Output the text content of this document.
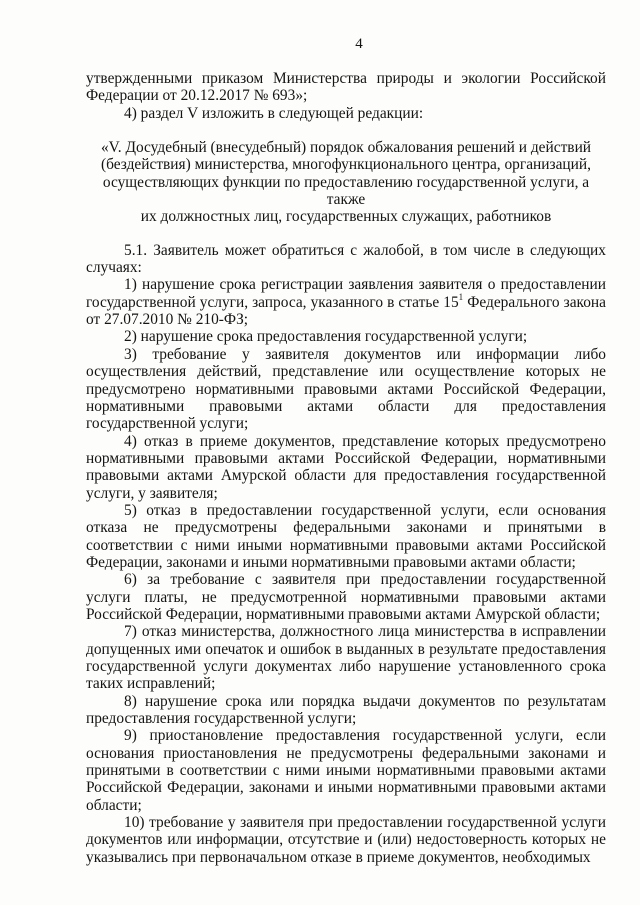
4

утвержденными приказом Министерства природы и экологии Российской Федерации от 20.12.2017 № 693»;

4) раздел V изложить в следующей редакции:

«V. Досудебный (внесудебный) порядок обжалования решений и действий
(бездействия) министерства, многофункционального центра, организаций,
осуществляющих функции по предоставлению государственной услуги, а также
их должностных лиц, государственных служащих, работников

5.1. Заявитель может обратиться с жалобой, в том числе в следующих случаях:

1) нарушение срока регистрации заявления заявителя о предоставлении государственной услуги, запроса, указанного в статье $15^1$ Федерального закона от 27.07.2010 № 210-ФЗ;

2) нарушение срока предоставления государственной услуги;

3) требование у заявителя документов или информации либо осуществления действий, представление или осуществление которых не предусмотрено нормативными правовыми актами Российской Федерации, нормативными правовыми актами области для предоставления государственной услуги;

4) отказ в приеме документов, представление которых предусмотрено нормативными правовыми актами Российской Федерации, нормативными правовыми актами Амурской области для предоставления государственной услуги, у заявителя;

5) отказ в предоставлении государственной услуги, если основания отказа не предусмотрены федеральными законами и принятыми в соответствии с ними иными нормативными правовыми актами Российской Федерации, законами и иными нормативными правовыми актами области;

6) за требование с заявителя при предоставлении государственной услуги платы, не предусмотренной нормативными правовыми актами Российской Федерации, нормативными правовыми актами Амурской области;

7) отказ министерства, должностного лица министерства в исправлении допущенных ими опечаток и ошибок в выданных в результате предоставления государственной услуги документах либо нарушение установленного срока таких исправлений;

8) нарушение срока или порядка выдачи документов по результатам предоставления государственной услуги;

9) приостановление предоставления государственной услуги, если основания приостановления не предусмотрены федеральными законами и принятыми в соответствии с ними иными нормативными правовыми актами Российской Федерации, законами и иными нормативными правовыми актами области;

10) требование у заявителя при предоставлении государственной услуги документов или информации, отсутствие и (или) недостоверность которых не указывались при первоначальном отказе в приеме документов, необходимых
